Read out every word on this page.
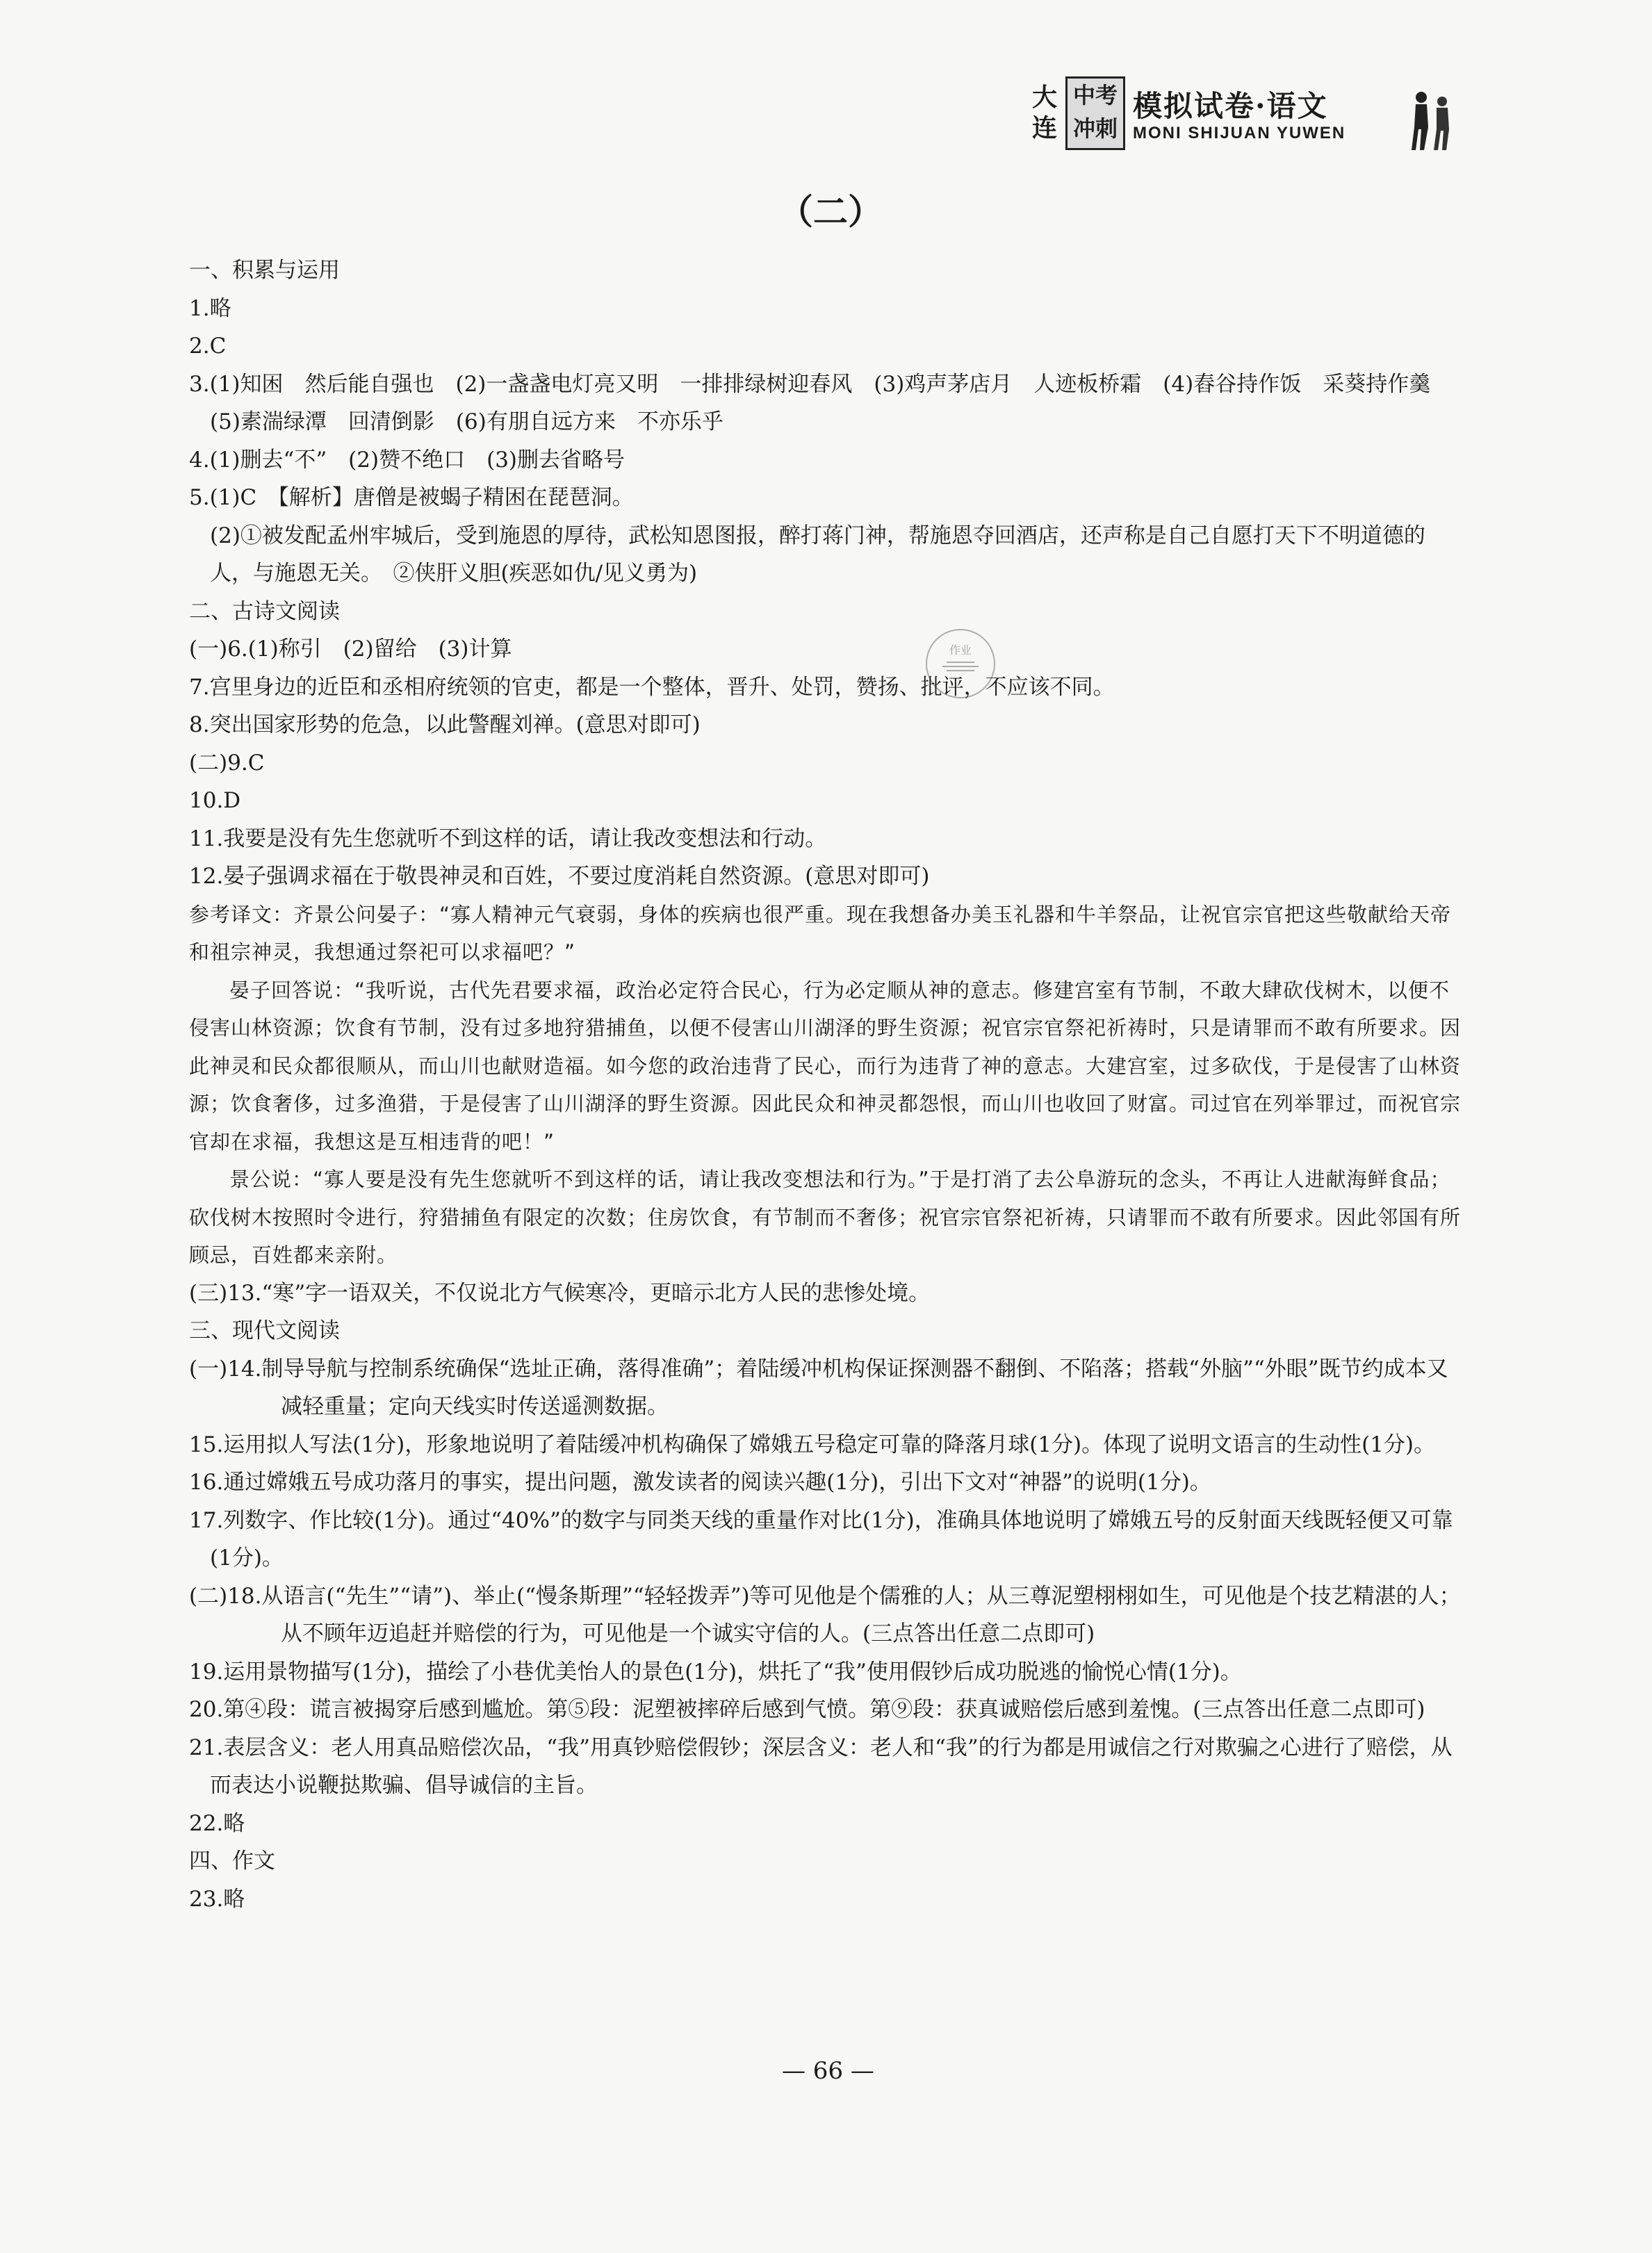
大连
中考
冲刺
模拟试卷·语文
MONI SHIJUAN YUWEN
（二）
作业

一、积累与运用

1.略

2.C

3.(1)知困　然后能自强也　(2)一盏盏电灯亮又明　一排排绿树迎春风　(3)鸡声茅店月　人迹板桥霜　(4)舂谷持作饭　采葵持作羹　(5)素湍绿潭　回清倒影　(6)有朋自远方来　不亦乐乎

4.(1)删去“不”　(2)赞不绝口　(3)删去省略号

5.(1)C　【解析】唐僧是被蝎子精困在琵琶洞。

(2)①被发配孟州牢城后，受到施恩的厚待，武松知恩图报，醉打蒋门神，帮施恩夺回酒店，还声称是自己自愿打天下不明道德的人，与施恩无关。　②侠肝义胆(疾恶如仇/见义勇为)

二、古诗文阅读

(一)6.(1)称引　(2)留给　(3)计算

7.宫里身边的近臣和丞相府统领的官吏，都是一个整体，晋升、处罚，赞扬、批评，不应该不同。

8.突出国家形势的危急，以此警醒刘禅。(意思对即可)

(二)9.C

10.D

11.我要是没有先生您就听不到这样的话，请让我改变想法和行动。

12.晏子强调求福在于敬畏神灵和百姓，不要过度消耗自然资源。(意思对即可)

参考译文：齐景公问晏子：“寡人精神元气衰弱，身体的疾病也很严重。现在我想备办美玉礼器和牛羊祭品，让祝官宗官把这些敬献给天帝和祖宗神灵，我想通过祭祀可以求福吧？”

晏子回答说：“我听说，古代先君要求福，政治必定符合民心，行为必定顺从神的意志。修建宫室有节制，不敢大肆砍伐树木，以便不侵害山林资源；饮食有节制，没有过多地狩猎捕鱼，以便不侵害山川湖泽的野生资源；祝官宗官祭祀祈祷时，只是请罪而不敢有所要求。因此神灵和民众都很顺从，而山川也献财造福。如今您的政治违背了民心，而行为违背了神的意志。大建宫室，过多砍伐，于是侵害了山林资源；饮食奢侈，过多渔猎，于是侵害了山川湖泽的野生资源。因此民众和神灵都怨恨，而山川也收回了财富。司过官在列举罪过，而祝官宗官却在求福，我想这是互相违背的吧！”

景公说：“寡人要是没有先生您就听不到这样的话，请让我改变想法和行为。”于是打消了去公阜游玩的念头，不再让人进献海鲜食品；砍伐树木按照时令进行，狩猎捕鱼有限定的次数；住房饮食，有节制而不奢侈；祝官宗官祭祀祈祷，只请罪而不敢有所要求。因此邻国有所顾忌，百姓都来亲附。

(三)13.“寒”字一语双关，不仅说北方气候寒冷，更暗示北方人民的悲惨处境。

三、现代文阅读

(一)14.制导导航与控制系统确保“选址正确，落得准确”；着陆缓冲机构保证探测器不翻倒、不陷落；搭载“外脑”“外眼”既节约成本又减轻重量；定向天线实时传送遥测数据。

15.运用拟人写法(1分)，形象地说明了着陆缓冲机构确保了嫦娥五号稳定可靠的降落月球(1分)。体现了说明文语言的生动性(1分)。

16.通过嫦娥五号成功落月的事实，提出问题，激发读者的阅读兴趣(1分)，引出下文对“神器”的说明(1分)。

17.列数字、作比较(1分)。通过“40%”的数字与同类天线的重量作对比(1分)，准确具体地说明了嫦娥五号的反射面天线既轻便又可靠(1分)。

(二)18.从语言(“先生”“请”)、举止(“慢条斯理”“轻轻拨弄”)等可见他是个儒雅的人；从三尊泥塑栩栩如生，可见他是个技艺精湛的人；从不顾年迈追赶并赔偿的行为，可见他是一个诚实守信的人。(三点答出任意二点即可)

19.运用景物描写(1分)，描绘了小巷优美怡人的景色(1分)，烘托了“我”使用假钞后成功脱逃的愉悦心情(1分)。

20.第④段：谎言被揭穿后感到尴尬。第⑤段：泥塑被摔碎后感到气愤。第⑨段：获真诚赔偿后感到羞愧。(三点答出任意二点即可)

21.表层含义：老人用真品赔偿次品，“我”用真钞赔偿假钞；深层含义：老人和“我”的行为都是用诚信之行对欺骗之心进行了赔偿，从而表达小说鞭挞欺骗、倡导诚信的主旨。

22.略

四、作文

23.略

— 66 —
